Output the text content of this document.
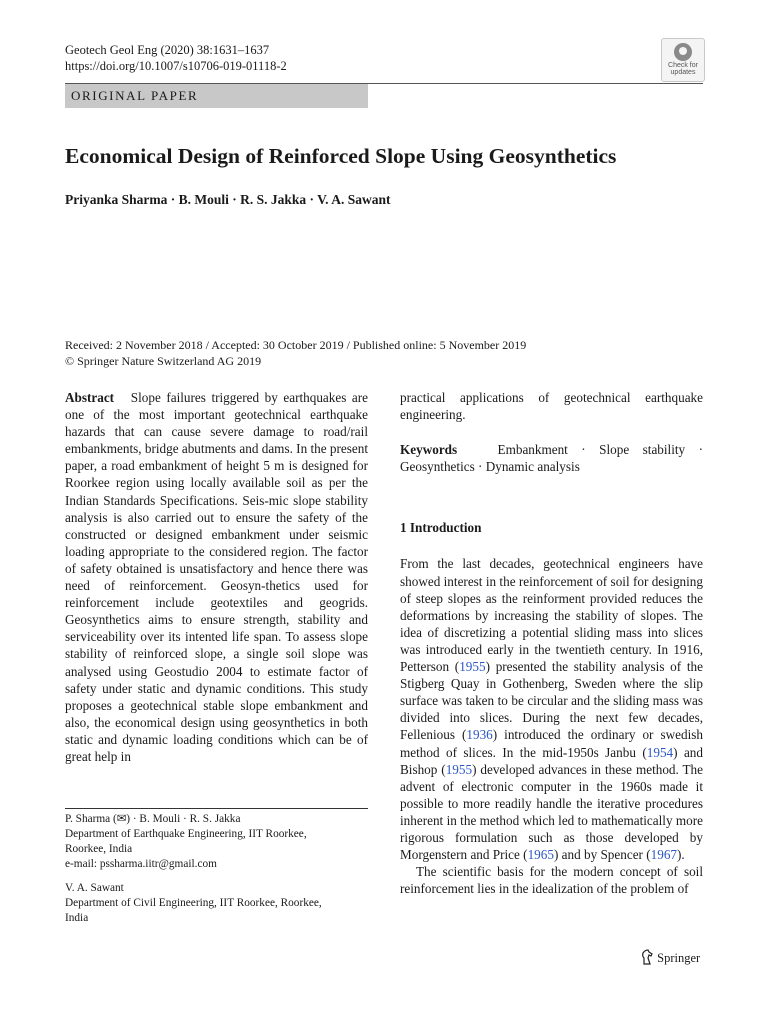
Geotech Geol Eng (2020) 38:1631–1637
https://doi.org/10.1007/s10706-019-01118-2	Check for
updates
ORIGINAL PAPER
Economical Design of Reinforced Slope Using Geosynthetics
Priyanka Sharma · B. Mouli · R. S. Jakka · V. A. Sawant
Received: 2 November 2018 / Accepted: 30 October 2019 / Published online: 5 November 2019
© Springer Nature Switzerland AG 2019

Abstract Slope failures triggered by earthquakes are one of the most important geotechnical earthquake hazards that can cause severe damage to road/rail embankments, bridge abutments and dams. In the present paper, a road embankment of height 5 m is designed for Roorkee region using locally available soil as per the Indian Standards Specifications. Seis-mic slope stability analysis is also carried out to ensure the safety of the constructed or designed embankment under seismic loading appropriate to the considered region. The factor of safety obtained is unsatisfactory and hence there was need of reinforcement. Geosyn-thetics used for reinforcement include geotextiles and geogrids. Geosynthetics aims to ensure strength, stability and serviceability over its intented life span. To assess slope stability of reinforced slope, a single soil slope was analysed using Geostudio 2004 to estimate factor of safety under static and dynamic conditions. This study proposes a geotechnical stable slope embankment and also, the economical design using geosynthetics in both static and dynamic loading conditions which can be of great help in

practical applications of geotechnical earthquake engineering.

Keywords	Embankment · Slope stability · Geosynthetics · Dynamic analysis

1 Introduction

From the last decades, geotechnical engineers have showed interest in the reinforcement of soil for designing of steep slopes as the reinforment provided reduces the deformations by increasing the stability of slopes. The idea of discretizing a potential sliding mass into slices was introduced early in the twentieth century. In 1916, Petterson (1955) presented the stability analysis of the Stigberg Quay in Gothenberg, Sweden where the slip surface was taken to be circular and the sliding mass was divided into slices. During the next few decades, Fellenious (1936) introduced the ordinary or swedish method of slices. In the mid-1950s Janbu (1954) and Bishop (1955) developed advances in these method. The advent of electronic computer in the 1960s made it possible to more readily handle the iterative procedures inherent in the method which led to mathematically more rigorous formulation such as those developed by Morgenstern and Price (1965) and by Spencer (1967).

The scientific basis for the modern concept of soil reinforcement lies in the idealization of the problem of

P. Sharma (✉) · B. Mouli · R. S. Jakka

Department of Earthquake Engineering, IIT Roorkee,

Roorkee, India

e-mail: pssharma.iitr@gmail.com

V. A. Sawant

Department of Civil Engineering, IIT Roorkee, Roorkee,

India

Springer
